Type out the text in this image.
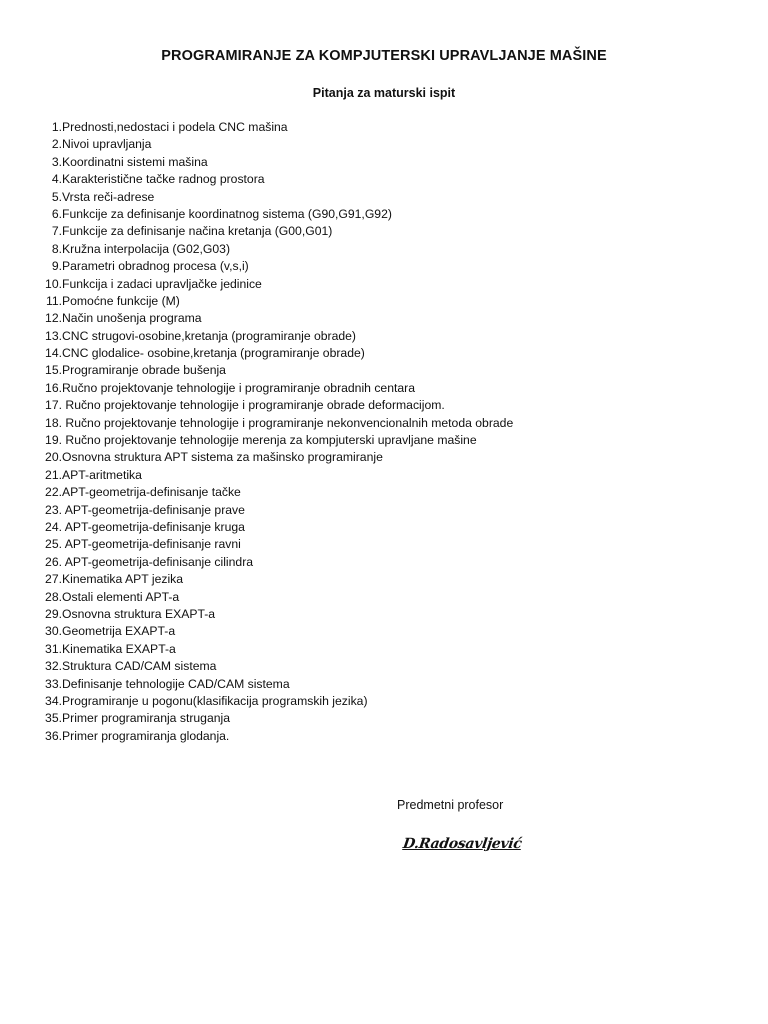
PROGRAMIRANJE ZA KOMPJUTERSKI UPRAVLJANJE MAŠINE
Pitanja za maturski ispit
1. Prednosti,nedostaci i podela CNC mašina
2. Nivoi upravljanja
3. Koordinatni sistemi mašina
4. Karakteristične tačke radnog prostora
5. Vrsta reči-adrese
6. Funkcije za definisanje koordinatnog sistema (G90,G91,G92)
7. Funkcije za definisanje načina kretanja (G00,G01)
8. Kružna interpolacija (G02,G03)
9. Parametri obradnog procesa (v,s,i)
10. Funkcija i zadaci upravljačke jedinice
11. Pomoćne funkcije (M)
12. Način unošenja programa
13. CNC strugovi-osobine,kretanja (programiranje obrade)
14. CNC glodalice- osobine,kretanja (programiranje obrade)
15. Programiranje obrade bušenja
16. Ručno projektovanje tehnologije i programiranje obradnih centara
17. Ručno projektovanje tehnologije i programiranje obrade deformacijom.
18. Ručno projektovanje tehnologije i programiranje nekonvencionalnih metoda obrade
19. Ručno projektovanje tehnologije merenja za kompjuterski upravljane mašine
20. Osnovna struktura APT sistema za mašinsko programiranje
21. APT-aritmetika
22. APT-geometrija-definisanje tačke
23. APT-geometrija-definisanje prave
24. APT-geometrija-definisanje kruga
25. APT-geometrija-definisanje ravni
26. APT-geometrija-definisanje cilindra
27. Kinematika APT jezika
28. Ostali elementi APT-a
29. Osnovna struktura EXAPT-a
30. Geometrija EXAPT-a
31. Kinematika EXAPT-a
32. Struktura CAD/CAM sistema
33. Definisanje tehnologije CAD/CAM sistema
34. Programiranje u pogonu(klasifikacija programskih jezika)
35. Primer programiranja struganja
36. Primer programiranja glodanja.
Predmetni profesor
D.Radosavljević
